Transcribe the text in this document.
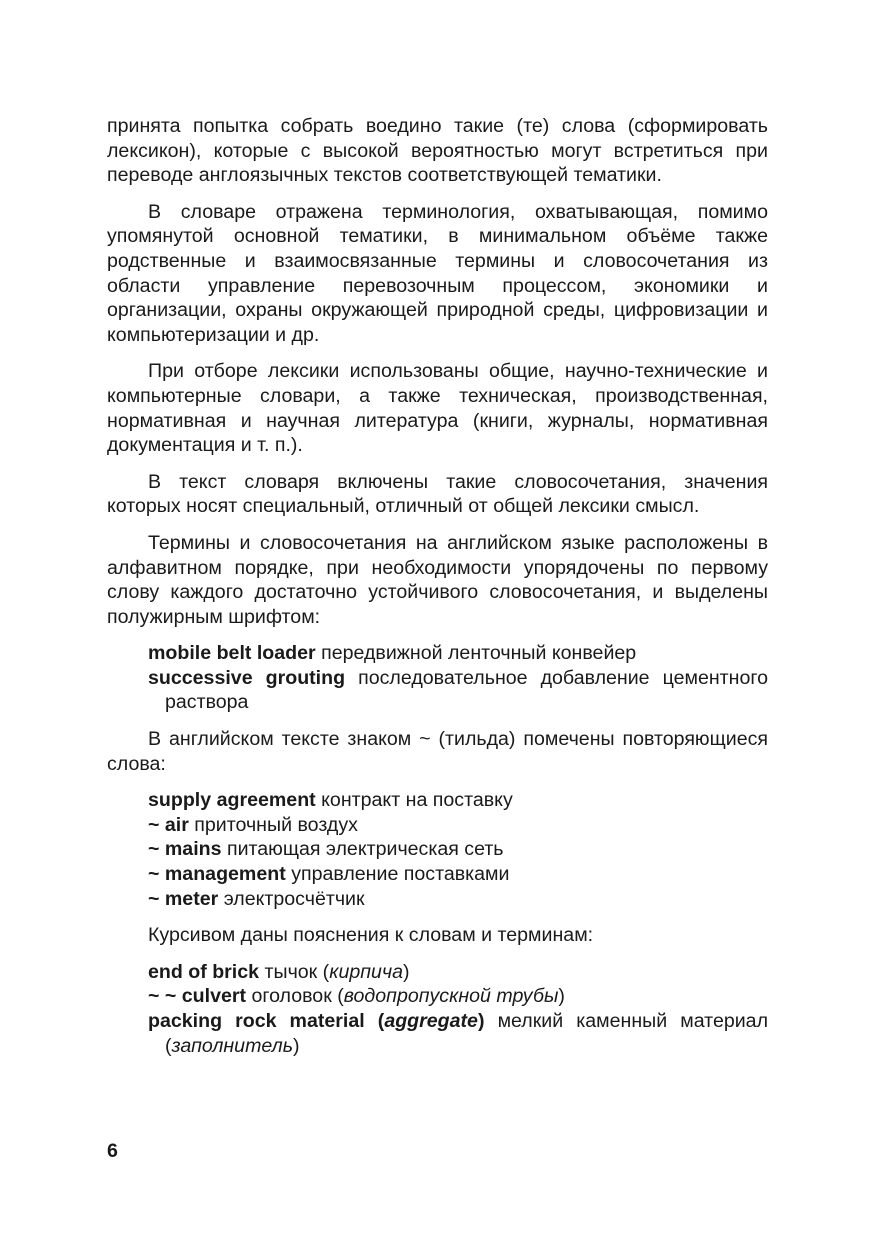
принята попытка собрать воедино такие (те) слова (сформировать лексикон), которые с высокой вероятностью могут встретиться при переводе англоязычных текстов соответствующей тематики.

В словаре отражена терминология, охватывающая, помимо упомянутой основной тематики, в минимальном объёме также родственные и взаимосвязанные термины и словосочетания из области управление перевозочным процессом, экономики и организации, охраны окружающей природной среды, цифровизации и компьютеризации и др.

При отборе лексики использованы общие, научно-технические и компьютерные словари, а также техническая, производственная, нормативная и научная литература (книги, журналы, нормативная документация и т. п.).

В текст словаря включены такие словосочетания, значения которых носят специальный, отличный от общей лексики смысл.

Термины и словосочетания на английском языке расположены в алфавитном порядке, при необходимости упорядочены по первому слову каждого достаточно устойчивого словосочетания, и выделены полужирным шрифтом:

mobile belt loader передвижной ленточный конвейер

successive grouting последовательное добавление цементного раствора

В английском тексте знаком ~ (тильда) помечены повторяющиеся слова:

supply agreement контракт на поставку

~ air приточный воздух

~ mains питающая электрическая сеть

~ management управление поставками

~ meter электросчётчик

Курсивом даны пояснения к словам и терминам:

end of brick тычок (кирпича)

~ ~ culvert оголовок (водопропускной трубы)

packing rock material (aggregate) мелкий каменный материал (заполнитель)

6
